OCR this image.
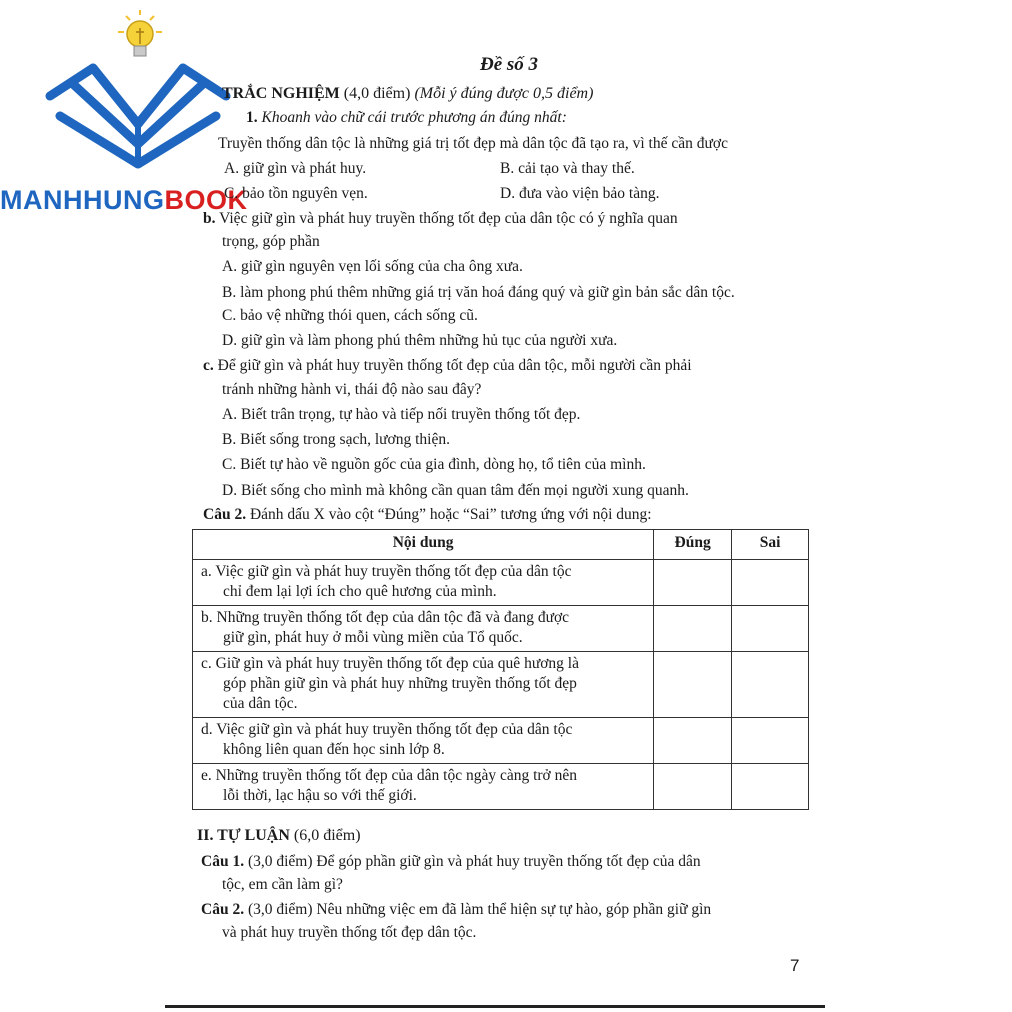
MANHHUNGBOOK
Đề số 3
TRẮC NGHIỆM (4,0 điểm) (Mỗi ý đúng được 0,5 điểm)
1. Khoanh vào chữ cái trước phương án đúng nhất:
Truyền thống dân tộc là những giá trị tốt đẹp mà dân tộc đã tạo ra, vì thế cần được
A. giữ gìn và phát huy.	B. cải tạo và thay thế.
C. bảo tồn nguyên vẹn.	D. đưa vào viện bảo tàng.
b. Việc giữ gìn và phát huy truyền thống tốt đẹp của dân tộc có ý nghĩa quan
trọng, góp phần
A. giữ gìn nguyên vẹn lối sống của cha ông xưa.
B. làm phong phú thêm những giá trị văn hoá đáng quý và giữ gìn bản sắc dân tộc.
C. bảo vệ những thói quen, cách sống cũ.
D. giữ gìn và làm phong phú thêm những hủ tục của người xưa.
c. Để giữ gìn và phát huy truyền thống tốt đẹp của dân tộc, mỗi người cần phải
tránh những hành vi, thái độ nào sau đây?
A. Biết trân trọng, tự hào và tiếp nối truyền thống tốt đẹp.
B. Biết sống trong sạch, lương thiện.
C. Biết tự hào về nguồn gốc của gia đình, dòng họ, tổ tiên của mình.
D. Biết sống cho mình mà không cần quan tâm đến mọi người xung quanh.
Câu 2. Đánh dấu X vào cột “Đúng” hoặc “Sai” tương ứng với nội dung:
Nội dung	Đúng	Sai
a. Việc giữ gìn và phát huy truyền thống tốt đẹp của dân tộc
chỉ đem lại lợi ích cho quê hương của mình.		

b. Những truyền thống tốt đẹp của dân tộc đã và đang được
giữ gìn, phát huy ở mỗi vùng miền của Tổ quốc.		

c. Giữ gìn và phát huy truyền thống tốt đẹp của quê hương là
góp phần giữ gìn và phát huy những truyền thống tốt đẹp
của dân tộc.		

d. Việc giữ gìn và phát huy truyền thống tốt đẹp của dân tộc
không liên quan đến học sinh lớp 8.		

e. Những truyền thống tốt đẹp của dân tộc ngày càng trở nên
lỗi thời, lạc hậu so với thế giới.		

II. TỰ LUẬN (6,0 điểm)
Câu 1. (3,0 điểm) Để góp phần giữ gìn và phát huy truyền thống tốt đẹp của dân
tộc, em cần làm gì?
Câu 2. (3,0 điểm) Nêu những việc em đã làm thể hiện sự tự hào, góp phần giữ gìn
và phát huy truyền thống tốt đẹp dân tộc.
7
